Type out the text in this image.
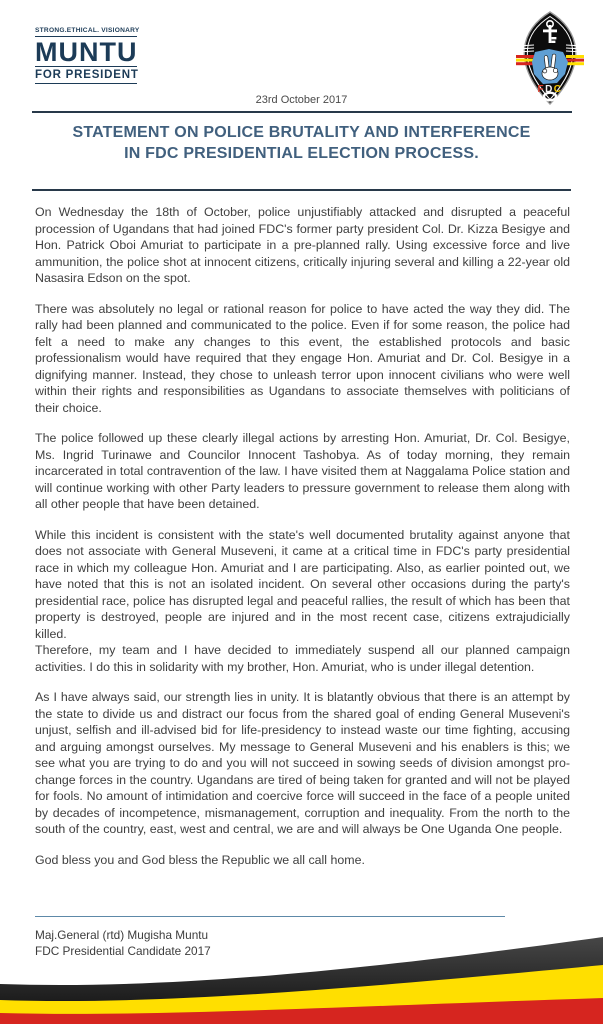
STRONG.ETHICAL. VISIONARY
MUNTU
FOR PRESIDENT
23rd October 2017
FDC
STATEMENT ON POLICE BRUTALITY AND INTERFERENCE
IN FDC PRESIDENTIAL ELECTION PROCESS.

On Wednesday the 18th of October, police unjustifiably attacked and disrupted a peaceful procession of Ugandans that had joined FDC's former party president Col. Dr. Kizza Besigye and Hon. Patrick Oboi Amuriat to participate in a pre-planned rally. Using excessive force and live ammunition, the police shot at innocent citizens, critically injuring several and killing a 22-year old Nasasira Edson on the spot.

There was absolutely no legal or rational reason for police to have acted the way they did. The rally had been planned and communicated to the police. Even if for some reason, the police had felt a need to make any changes to this event, the established protocols and basic professionalism would have required that they engage Hon. Amuriat and Dr. Col. Besigye in a dignifying manner. Instead, they chose to unleash terror upon innocent civilians who were well within their rights and responsibilities as Ugandans to associate themselves with politicians of their choice.

The police followed up these clearly illegal actions by arresting Hon. Amuriat, Dr. Col. Besigye, Ms. Ingrid Turinawe and Councilor Innocent Tashobya. As of today morning, they remain incarcerated in total contravention of the law. I have visited them at Naggalama Police station and will continue working with other Party leaders to pressure government to release them along with all other people that have been detained.

While this incident is consistent with the state's well documented brutality against anyone that does not associate with General Museveni, it came at a critical time in FDC's party presidential race in which my colleague Hon. Amuriat and I are participating. Also, as earlier pointed out, we have noted that this is not an isolated incident. On several other occasions during the party's presidential race, police has disrupted legal and peaceful rallies, the result of which has been that property is destroyed, people are injured and in the most recent case, citizens extrajudicially killed.

Therefore, my team and I have decided to immediately suspend all our planned campaign activities. I do this in solidarity with my brother, Hon. Amuriat, who is under illegal detention.

As I have always said, our strength lies in unity. It is blatantly obvious that there is an attempt by the state to divide us and distract our focus from the shared goal of ending General Museveni's unjust, selfish and ill-advised bid for life-presidency to instead waste our time fighting, accusing and arguing amongst ourselves. My message to General Museveni and his enablers is this; we see what you are trying to do and you will not succeed in sowing seeds of division amongst pro-change forces in the country. Ugandans are tired of being taken for granted and will not be played for fools. No amount of intimidation and coercive force will succeed in the face of a people united by decades of incompetence, mismanagement, corruption and inequality. From the north to the south of the country, east, west and central, we are and will always be One Uganda One people.

God bless you and God bless the Republic we all call home.

Maj.General (rtd) Mugisha Muntu
FDC Presidential Candidate 2017
